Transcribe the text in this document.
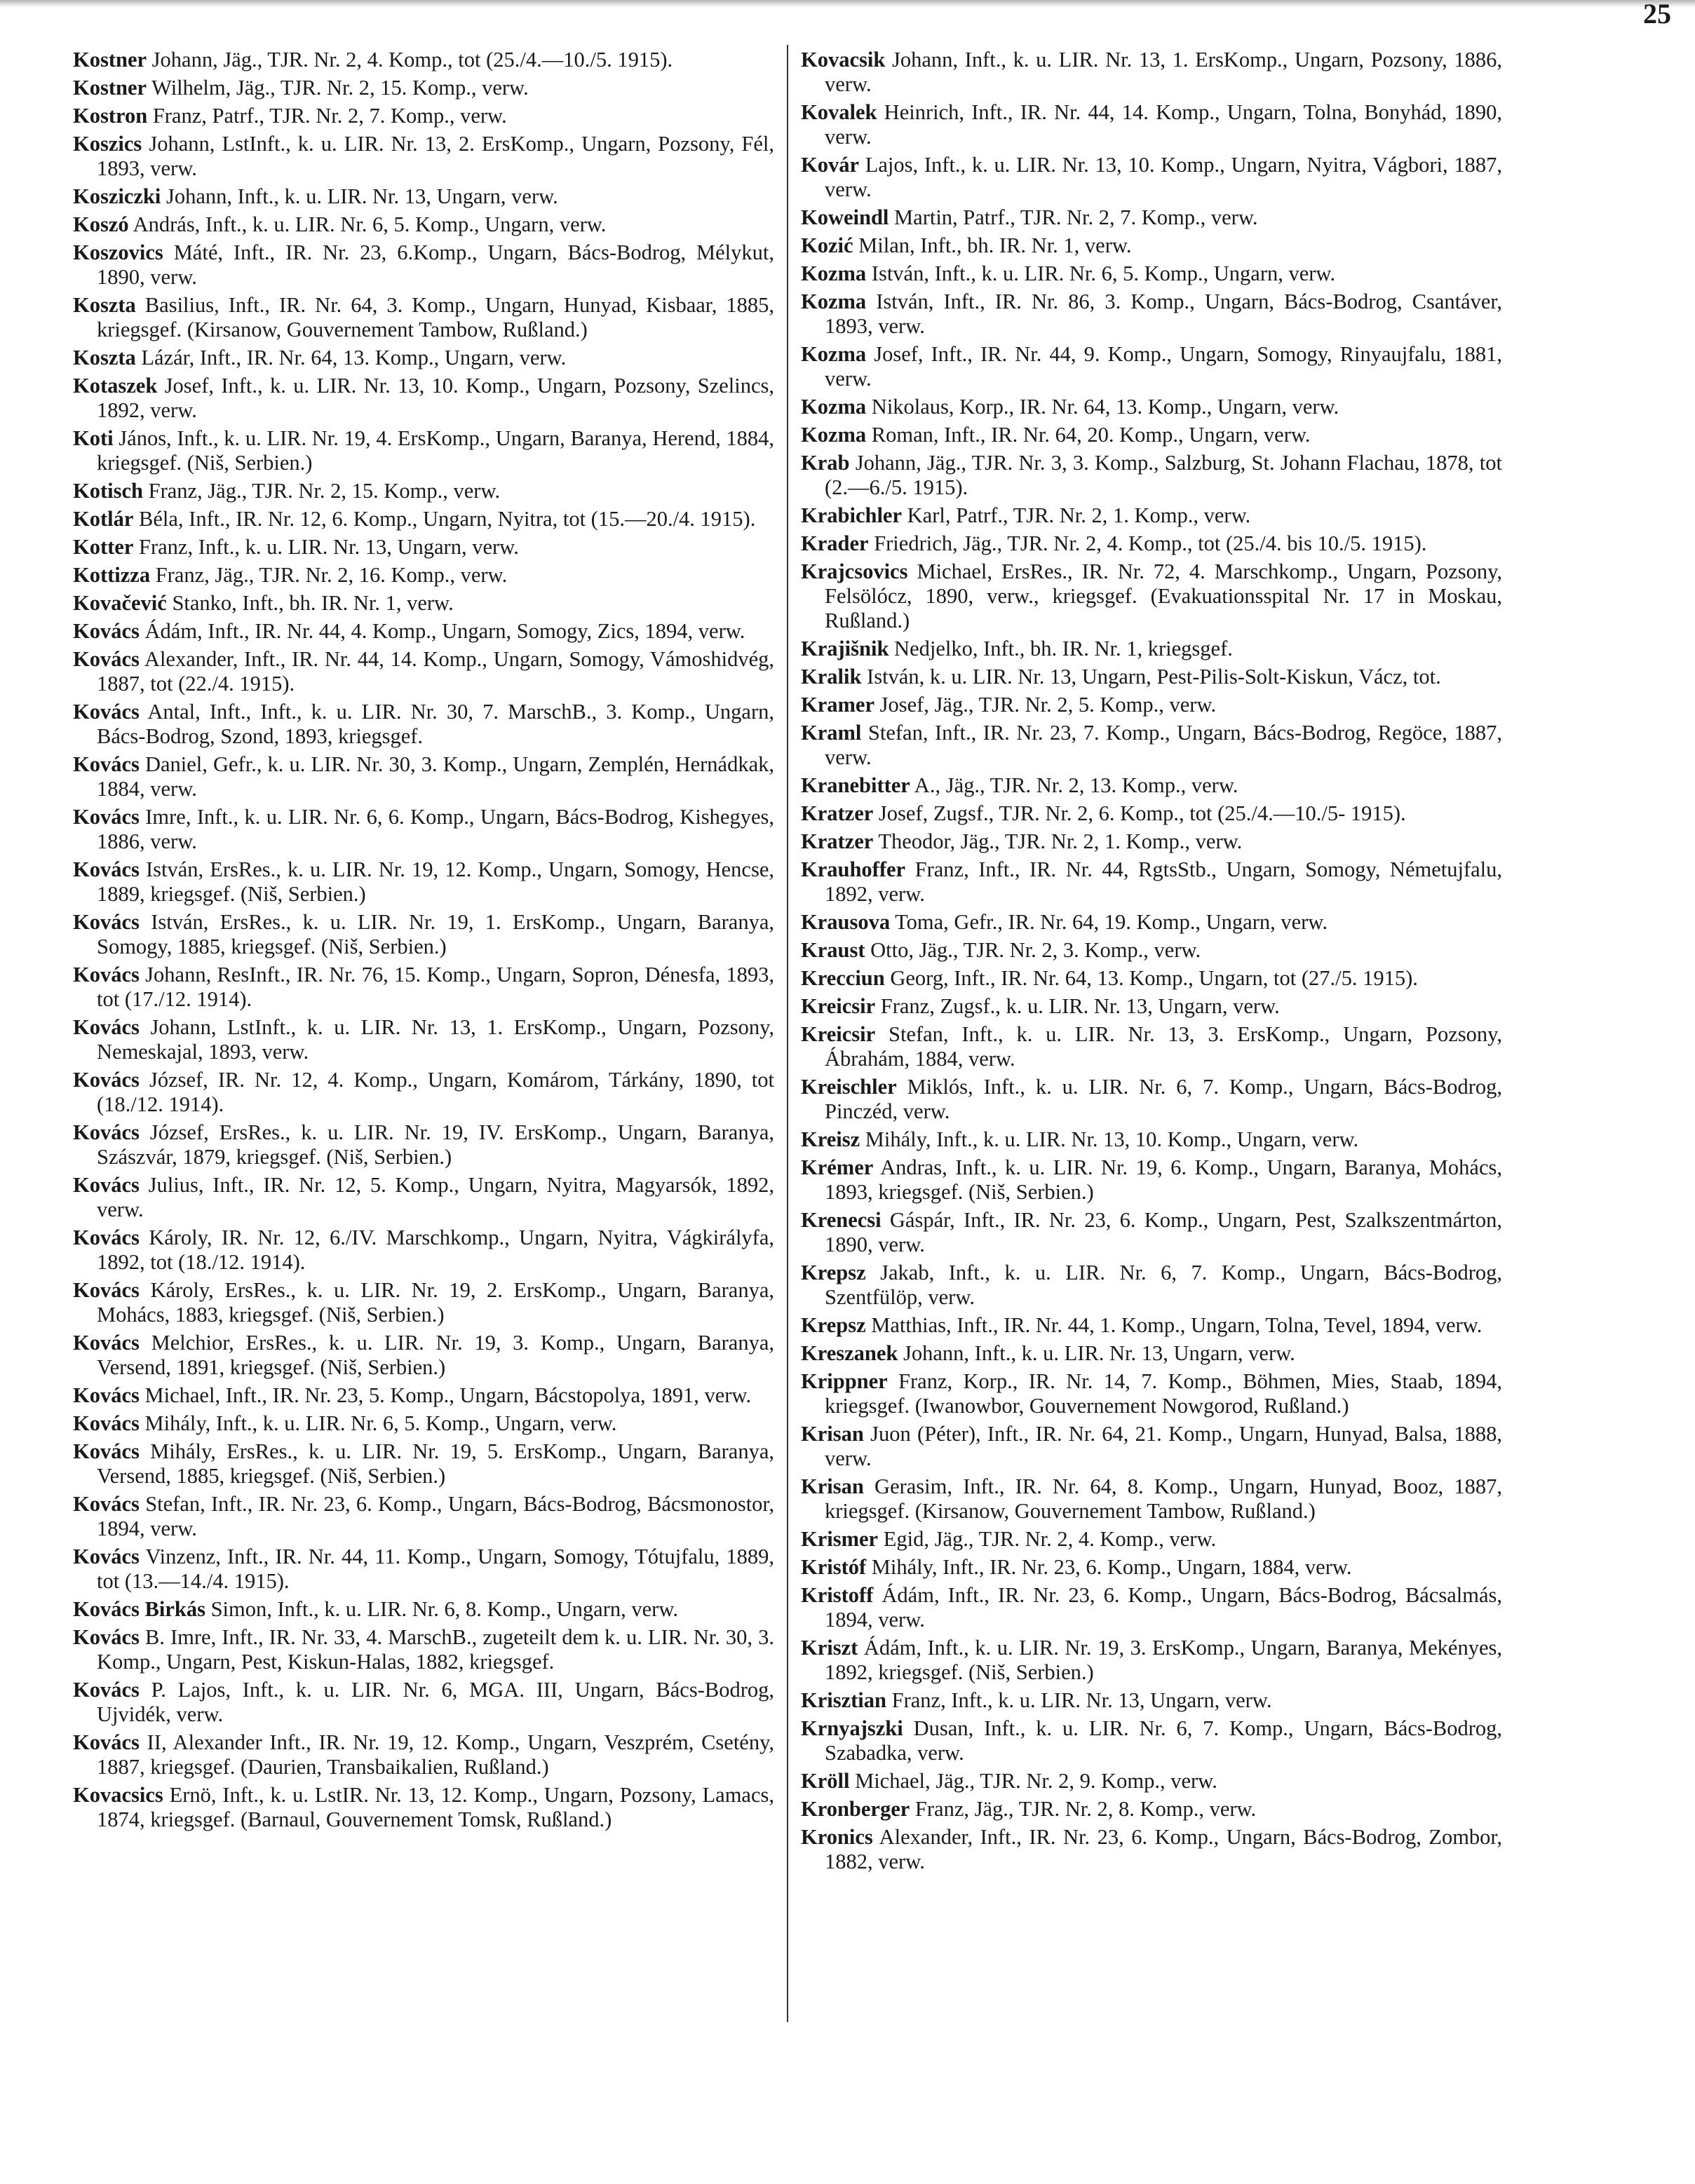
25

Kostner Johann, Jäg., TJR. Nr. 2, 4. Komp., tot (25./4.—10./5. 1915).

Kostner Wilhelm, Jäg., TJR. Nr. 2, 15. Komp., verw.

Kostron Franz, Patrf., TJR. Nr. 2, 7. Komp., verw.

Koszics Johann, LstInft., k. u. LIR. Nr. 13, 2. ErsKomp., Ungarn, Pozsony, Fél, 1893, verw.

Kosziczki Johann, Inft., k. u. LIR. Nr. 13, Ungarn, verw.

Koszó András, Inft., k. u. LIR. Nr. 6, 5. Komp., Ungarn, verw.

Koszovics Máté, Inft., IR. Nr. 23, 6.Komp., Ungarn, Bács-Bodrog, Mélykut, 1890, verw.

Koszta Basilius, Inft., IR. Nr. 64, 3. Komp., Ungarn, Hunyad, Kisbaar, 1885, kriegsgef. (Kirsanow, Gouvernement Tambow, Rußland.)

Koszta Lázár, Inft., IR. Nr. 64, 13. Komp., Ungarn, verw.

Kotaszek Josef, Inft., k. u. LIR. Nr. 13, 10. Komp., Ungarn, Pozsony, Szelincs, 1892, verw.

Koti János, Inft., k. u. LIR. Nr. 19, 4. ErsKomp., Ungarn, Baranya, Herend, 1884, kriegsgef. (Niš, Serbien.)

Kotisch Franz, Jäg., TJR. Nr. 2, 15. Komp., verw.

Kotlár Béla, Inft., IR. Nr. 12, 6. Komp., Ungarn, Nyitra, tot (15.—20./4. 1915).

Kotter Franz, Inft., k. u. LIR. Nr. 13, Ungarn, verw.

Kottizza Franz, Jäg., TJR. Nr. 2, 16. Komp., verw.

Kovačević Stanko, Inft., bh. IR. Nr. 1, verw.

Kovács Ádám, Inft., IR. Nr. 44, 4. Komp., Ungarn, Somogy, Zics, 1894, verw.

Kovács Alexander, Inft., IR. Nr. 44, 14. Komp., Ungarn, Somogy, Vámoshidvég, 1887, tot (22./4. 1915).

Kovács Antal, Inft., Inft., k. u. LIR. Nr. 30, 7. MarschB., 3. Komp., Ungarn, Bács-Bodrog, Szond, 1893, kriegsgef.

Kovács Daniel, Gefr., k. u. LIR. Nr. 30, 3. Komp., Ungarn, Zemplén, Hernádkak, 1884, verw.

Kovács Imre, Inft., k. u. LIR. Nr. 6, 6. Komp., Ungarn, Bács-Bodrog, Kishegyes, 1886, verw.

Kovács István, ErsRes., k. u. LIR. Nr. 19, 12. Komp., Ungarn, Somogy, Hencse, 1889, kriegsgef. (Niš, Serbien.)

Kovács István, ErsRes., k. u. LIR. Nr. 19, 1. ErsKomp., Ungarn, Baranya, Somogy, 1885, kriegsgef. (Niš, Serbien.)

Kovács Johann, ResInft., IR. Nr. 76, 15. Komp., Ungarn, Sopron, Dénesfa, 1893, tot (17./12. 1914).

Kovács Johann, LstInft., k. u. LIR. Nr. 13, 1. ErsKomp., Ungarn, Pozsony, Nemeskajal, 1893, verw.

Kovács József, IR. Nr. 12, 4. Komp., Ungarn, Komárom, Tárkány, 1890, tot (18./12. 1914).

Kovács József, ErsRes., k. u. LIR. Nr. 19, IV. ErsKomp., Ungarn, Baranya, Szászvár, 1879, kriegsgef. (Niš, Serbien.)

Kovács Julius, Inft., IR. Nr. 12, 5. Komp., Ungarn, Nyitra, Magyarsók, 1892, verw.

Kovács Károly, IR. Nr. 12, 6./IV. Marschkomp., Ungarn, Nyitra, Vágkirályfa, 1892, tot (18./12. 1914).

Kovács Károly, ErsRes., k. u. LIR. Nr. 19, 2. ErsKomp., Ungarn, Baranya, Mohács, 1883, kriegsgef. (Niš, Serbien.)

Kovács Melchior, ErsRes., k. u. LIR. Nr. 19, 3. Komp., Ungarn, Baranya, Versend, 1891, kriegsgef. (Niš, Serbien.)

Kovács Michael, Inft., IR. Nr. 23, 5. Komp., Ungarn, Bácstopolya, 1891, verw.

Kovács Mihály, Inft., k. u. LIR. Nr. 6, 5. Komp., Ungarn, verw.

Kovács Mihály, ErsRes., k. u. LIR. Nr. 19, 5. ErsKomp., Ungarn, Baranya, Versend, 1885, kriegsgef. (Niš, Serbien.)

Kovács Stefan, Inft., IR. Nr. 23, 6. Komp., Ungarn, Bács-Bodrog, Bácsmonostor, 1894, verw.

Kovács Vinzenz, Inft., IR. Nr. 44, 11. Komp., Ungarn, Somogy, Tótujfalu, 1889, tot (13.—14./4. 1915).

Kovács Birkás Simon, Inft., k. u. LIR. Nr. 6, 8. Komp., Ungarn, verw.

Kovács B. Imre, Inft., IR. Nr. 33, 4. MarschB., zugeteilt dem k. u. LIR. Nr. 30, 3. Komp., Ungarn, Pest, Kiskun-Halas, 1882, kriegsgef.

Kovács P. Lajos, Inft., k. u. LIR. Nr. 6, MGA. III, Ungarn, Bács-Bodrog, Ujvidék, verw.

Kovács II, Alexander Inft., IR. Nr. 19, 12. Komp., Ungarn, Veszprém, Csetény, 1887, kriegsgef. (Daurien, Transbaikalien, Rußland.)

Kovacsics Ernö, Inft., k. u. LstIR. Nr. 13, 12. Komp., Ungarn, Pozsony, Lamacs, 1874, kriegsgef. (Barnaul, Gouvernement Tomsk, Rußland.)

Kovacsik Johann, Inft., k. u. LIR. Nr. 13, 1. ErsKomp., Ungarn, Pozsony, 1886, verw.

Kovalek Heinrich, Inft., IR. Nr. 44, 14. Komp., Ungarn, Tolna, Bonyhád, 1890, verw.

Kovár Lajos, Inft., k. u. LIR. Nr. 13, 10. Komp., Ungarn, Nyitra, Vágbori, 1887, verw.

Koweindl Martin, Patrf., TJR. Nr. 2, 7. Komp., verw.

Kozić Milan, Inft., bh. IR. Nr. 1, verw.

Kozma István, Inft., k. u. LIR. Nr. 6, 5. Komp., Ungarn, verw.

Kozma István, Inft., IR. Nr. 86, 3. Komp., Ungarn, Bács-Bodrog, Csantáver, 1893, verw.

Kozma Josef, Inft., IR. Nr. 44, 9. Komp., Ungarn, Somogy, Rinyaujfalu, 1881, verw.

Kozma Nikolaus, Korp., IR. Nr. 64, 13. Komp., Ungarn, verw.

Kozma Roman, Inft., IR. Nr. 64, 20. Komp., Ungarn, verw.

Krab Johann, Jäg., TJR. Nr. 3, 3. Komp., Salzburg, St. Johann Flachau, 1878, tot (2.—6./5. 1915).

Krabichler Karl, Patrf., TJR. Nr. 2, 1. Komp., verw.

Krader Friedrich, Jäg., TJR. Nr. 2, 4. Komp., tot (25./4. bis 10./5. 1915).

Krajcsovics Michael, ErsRes., IR. Nr. 72, 4. Marschkomp., Ungarn, Pozsony, Felsölócz, 1890, verw., kriegsgef. (Evakuationsspital Nr. 17 in Moskau, Rußland.)

Krajišnik Nedjelko, Inft., bh. IR. Nr. 1, kriegsgef.

Kralik István, k. u. LIR. Nr. 13, Ungarn, Pest-Pilis-Solt-Kiskun, Vácz, tot.

Kramer Josef, Jäg., TJR. Nr. 2, 5. Komp., verw.

Kraml Stefan, Inft., IR. Nr. 23, 7. Komp., Ungarn, Bács-Bodrog, Regöce, 1887, verw.

Kranebitter A., Jäg., TJR. Nr. 2, 13. Komp., verw.

Kratzer Josef, Zugsf., TJR. Nr. 2, 6. Komp., tot (25./4.—10./5- 1915).

Kratzer Theodor, Jäg., TJR. Nr. 2, 1. Komp., verw.

Krauhoffer Franz, Inft., IR. Nr. 44, RgtsStb., Ungarn, Somogy, Németujfalu, 1892, verw.

Krausova Toma, Gefr., IR. Nr. 64, 19. Komp., Ungarn, verw.

Kraust Otto, Jäg., TJR. Nr. 2, 3. Komp., verw.

Krecciun Georg, Inft., IR. Nr. 64, 13. Komp., Ungarn, tot (27./5. 1915).

Kreicsir Franz, Zugsf., k. u. LIR. Nr. 13, Ungarn, verw.

Kreicsir Stefan, Inft., k. u. LIR. Nr. 13, 3. ErsKomp., Ungarn, Pozsony, Ábrahám, 1884, verw.

Kreischler Miklós, Inft., k. u. LIR. Nr. 6, 7. Komp., Ungarn, Bács-Bodrog, Pinczéd, verw.

Kreisz Mihály, Inft., k. u. LIR. Nr. 13, 10. Komp., Ungarn, verw.

Krémer Andras, Inft., k. u. LIR. Nr. 19, 6. Komp., Ungarn, Baranya, Mohács, 1893, kriegsgef. (Niš, Serbien.)

Krenecsi Gáspár, Inft., IR. Nr. 23, 6. Komp., Ungarn, Pest, Szalkszentmárton, 1890, verw.

Krepsz Jakab, Inft., k. u. LIR. Nr. 6, 7. Komp., Ungarn, Bács-Bodrog, Szentfülöp, verw.

Krepsz Matthias, Inft., IR. Nr. 44, 1. Komp., Ungarn, Tolna, Tevel, 1894, verw.

Kreszanek Johann, Inft., k. u. LIR. Nr. 13, Ungarn, verw.

Krippner Franz, Korp., IR. Nr. 14, 7. Komp., Böhmen, Mies, Staab, 1894, kriegsgef. (Iwanowbor, Gouvernement Nowgorod, Rußland.)

Krisan Juon (Péter), Inft., IR. Nr. 64, 21. Komp., Ungarn, Hunyad, Balsa, 1888, verw.

Krisan Gerasim, Inft., IR. Nr. 64, 8. Komp., Ungarn, Hunyad, Booz, 1887, kriegsgef. (Kirsanow, Gouvernement Tambow, Rußland.)

Krismer Egid, Jäg., TJR. Nr. 2, 4. Komp., verw.

Kristóf Mihály, Inft., IR. Nr. 23, 6. Komp., Ungarn, 1884, verw.

Kristoff Ádám, Inft., IR. Nr. 23, 6. Komp., Ungarn, Bács-Bodrog, Bácsalmás, 1894, verw.

Kriszt Ádám, Inft., k. u. LIR. Nr. 19, 3. ErsKomp., Ungarn, Baranya, Mekényes, 1892, kriegsgef. (Niš, Serbien.)

Krisztian Franz, Inft., k. u. LIR. Nr. 13, Ungarn, verw.

Krnyajszki Dusan, Inft., k. u. LIR. Nr. 6, 7. Komp., Ungarn, Bács-Bodrog, Szabadka, verw.

Kröll Michael, Jäg., TJR. Nr. 2, 9. Komp., verw.

Kronberger Franz, Jäg., TJR. Nr. 2, 8. Komp., verw.

Kronics Alexander, Inft., IR. Nr. 23, 6. Komp., Ungarn, Bács-Bodrog, Zombor, 1882, verw.
